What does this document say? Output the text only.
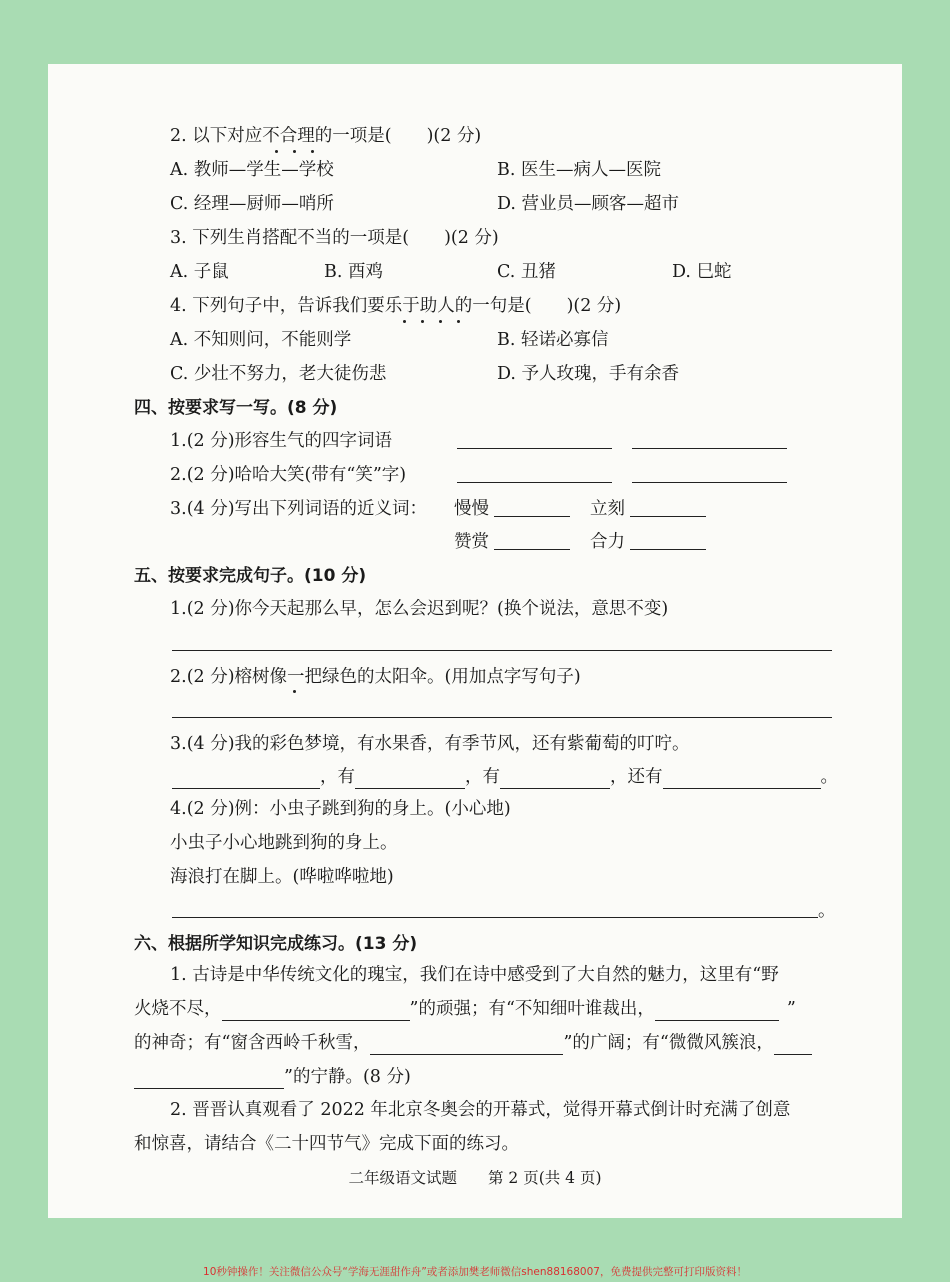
2. 以下对应不合理的一项是(　　)(2 分)
A. 教师—学生—学校	B. 医生—病人—医院
C. 经理—厨师—哨所	D. 营业员—顾客—超市
3. 下列生肖搭配不当的一项是(　　)(2 分)
A. 子鼠	B. 酉鸡	C. 丑猪	D. 巳蛇
4. 下列句子中，告诉我们要乐于助人的一句是(　　)(2 分)
A. 不知则问，不能则学	B. 轻诺必寡信
C. 少壮不努力，老大徒伤悲	D. 予人玫瑰，手有余香
四、按要求写一写。(8 分)
1.(2 分)形容生气的四字词语
2.(2 分)哈哈大笑(带有“笑”字)
3.(4 分)写出下列词语的近义词： 慢慢	立刻
赞赏	合力
五、按要求完成句子。(10 分)
1.(2 分)你今天起那么早，怎么会迟到呢？(换个说法，意思不变)
2.(2 分)榕树像一把绿色的太阳伞。(用加点字写句子)
3.(4 分)我的彩色梦境，有水果香，有季节风，还有紫葡萄的叮咛。
，有	，有	，还有	。
4.(2 分)例：小虫子跳到狗的身上。(小心地)
小虫子小心地跳到狗的身上。
海浪打在脚上。(哗啦哗啦地)
。
六、根据所学知识完成练习。(13 分)
1. 古诗是中华传统文化的瑰宝，我们在诗中感受到了大自然的魅力，这里有“野
火烧不尽，	”的顽强；有“不知细叶谁裁出，	”
的神奇；有“窗含西岭千秋雪，	”的广阔；有“微微风簇浪，
”的宁静。(8 分)
2. 晋晋认真观看了 2022 年北京冬奥会的开幕式，觉得开幕式倒计时充满了创意
和惊喜，请结合《二十四节气》完成下面的练习。
二年级语文试题　　第 2 页(共 4 页)
10秒钟操作！关注微信公众号“学海无涯甜作舟”或者添加樊老师微信shen88168007，免费提供完整可打印版资料！
